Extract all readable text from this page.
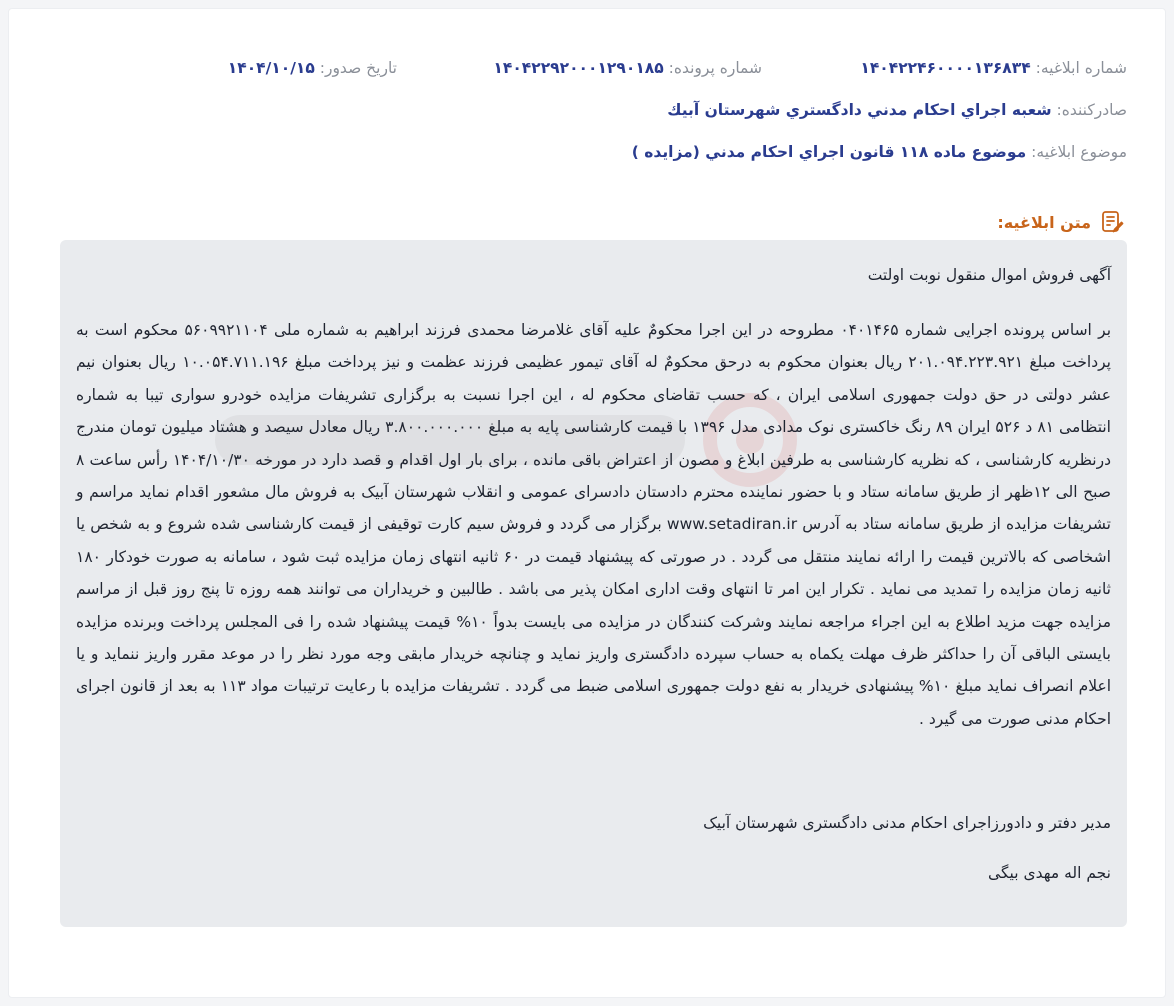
شماره ابلاغیه: ۱۴۰۴۲۲۴۶۰۰۰۰۱۳۶۸۳۴
شماره پرونده: ۱۴۰۴۲۲۹۲۰۰۰۱۲۹۰۱۸۵
تاریخ صدور: ۱۴۰۴/۱۰/۱۵
صادرکننده: شعبه اجراي احكام مدني دادگستري شهرستان آبيك
موضوع ابلاغیه: موضوع ماده ۱۱۸ قانون اجراي احكام مدني (مزايده )
متن ابلاغیه:
آگهی فروش اموال منقول نوبت اولتت
بر اساس پرونده اجرایی شماره ۰۴۰۱۴۶۵ مطروحه در این اجرا محکومٌ علیه آقای غلامرضا محمدی فرزند ابراهیم به شماره ملی ۵۶۰۹۹۲۱۱۰۴ محکوم است به پرداخت مبلغ ۲۰۱.۰۹۴.۲۲۳.۹۲۱ ریال بعنوان محکوم به درحق محکومٌ له آقای تیمور عظیمی فرزند عظمت و نیز پرداخت مبلغ ۱۰.۰۵۴.۷۱۱.۱۹۶ ریال بعنوان نیم عشر دولتی در حق دولت جمهوری اسلامی ایران ، که حسب تقاضای محکوم له ، این اجرا نسبت به برگزاری تشریفات مزایده خودرو سواری تیبا به شماره انتظامی ۸۱ د ۵۲۶ ایران ۸۹ رنگ خاکستری نوک مدادی مدل ۱۳۹۶ با قیمت کارشناسی پایه به مبلغ ۳.۸۰۰.۰۰۰.۰۰۰ ریال معادل سیصد و هشتاد میلیون تومان مندرج درنظریه کارشناسی ، که نظریه کارشناسی به طرفین ابلاغ و مصون از اعتراض باقی مانده ، برای بار اول اقدام و قصد دارد در مورخه ۱۴۰۴/۱۰/۳۰ رأس ساعت ۸ صبح الی ۱۲ظهر از طریق سامانه ستاد و با حضور نماینده محترم دادستان دادسرای عمومی و انقلاب شهرستان آبیک به فروش مال مشعور اقدام نماید مراسم و تشریفات مزایده از طریق سامانه ستاد به آدرس www.setadiran.ir برگزار می گردد و فروش سیم کارت توقیفی از قیمت کارشناسی شده شروع و به شخص یا اشخاصی که بالاترین قیمت را ارائه نمایند منتقل می گردد . در صورتی که پیشنهاد قیمت در ۶۰ ثانیه انتهای زمان مزایده ثبت شود ، سامانه به صورت خودکار ۱۸۰ ثانیه زمان مزایده را تمدید می نماید . تکرار این امر تا انتهای وقت اداری امکان پذیر می باشد . طالبین و خریداران می توانند همه روزه تا پنج روز قبل از مراسم مزایده جهت مزید اطلاع به این اجراء مراجعه نمایند وشرکت کنندگان در مزایده می بایست بدواً ۱۰% قیمت پیشنهاد شده را فی المجلس پرداخت وبرنده مزایده بایستی الباقی آن را حداکثر ظرف مهلت یکماه به حساب سپرده دادگستری واریز نماید و چنانچه خریدار مابقی وجه مورد نظر را در موعد مقرر واریز ننماید و یا اعلام انصراف نماید مبلغ ۱۰% پیشنهادی خریدار به نفع دولت جمهوری اسلامی ضبط می گردد . تشریفات مزایده با رعایت ترتیبات مواد ۱۱۳ به بعد از قانون اجرای احکام مدنی صورت می گیرد .
مدیر دفتر و دادورزاجرای احکام مدنی دادگستری شهرستان آبیک
نجم اله مهدی بیگی
